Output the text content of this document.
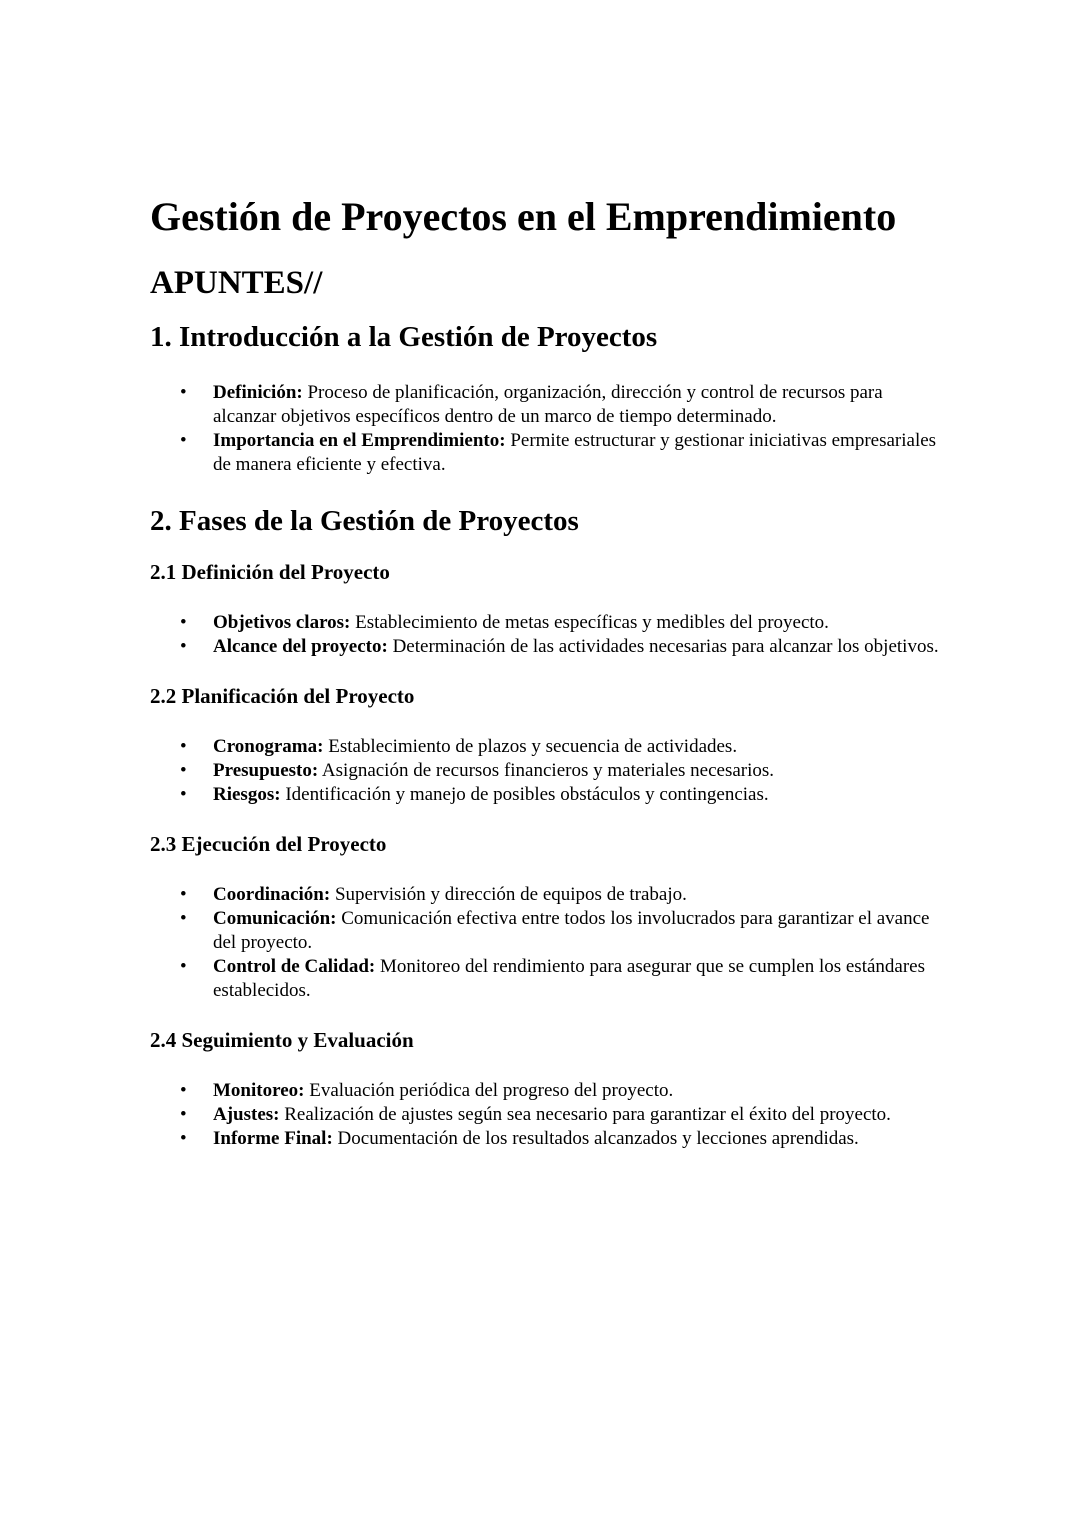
Gestión de Proyectos en el Emprendimiento
APUNTES//
1. Introducción a la Gestión de Proyectos
• Definición: Proceso de planificación, organización, dirección y control de recursos para alcanzar objetivos específicos dentro de un marco de tiempo determinado.
• Importancia en el Emprendimiento: Permite estructurar y gestionar iniciativas empresariales de manera eficiente y efectiva.
2. Fases de la Gestión de Proyectos
2.1 Definición del Proyecto
• Objetivos claros: Establecimiento de metas específicas y medibles del proyecto.
• Alcance del proyecto: Determinación de las actividades necesarias para alcanzar los objetivos.
2.2 Planificación del Proyecto
• Cronograma: Establecimiento de plazos y secuencia de actividades.
• Presupuesto: Asignación de recursos financieros y materiales necesarios.
• Riesgos: Identificación y manejo de posibles obstáculos y contingencias.
2.3 Ejecución del Proyecto
• Coordinación: Supervisión y dirección de equipos de trabajo.
• Comunicación: Comunicación efectiva entre todos los involucrados para garantizar el avance del proyecto.
• Control de Calidad: Monitoreo del rendimiento para asegurar que se cumplen los estándares establecidos.
2.4 Seguimiento y Evaluación
• Monitoreo: Evaluación periódica del progreso del proyecto.
• Ajustes: Realización de ajustes según sea necesario para garantizar el éxito del proyecto.
• Informe Final: Documentación de los resultados alcanzados y lecciones aprendidas.
